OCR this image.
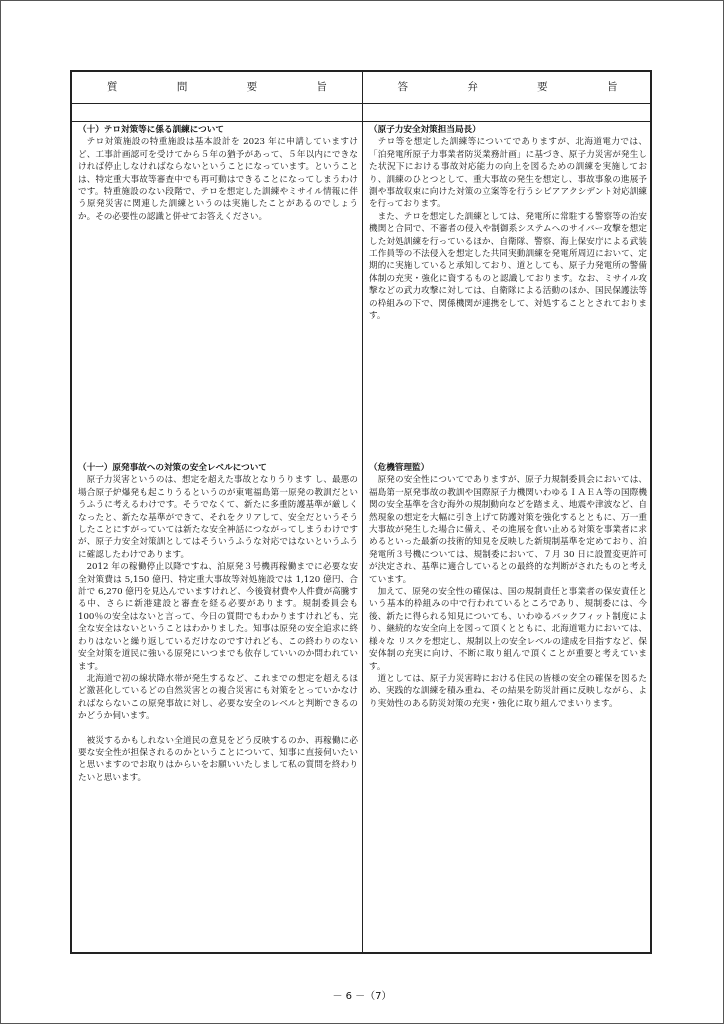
質 問 要 旨	答 弁 要 旨

（十）テロ対策等に係る訓練について

テロ対策施設の特重施設は基本設計を 2023 年に申請していますけど、工事計画認可を受けてから５年の猶予があって、５年以内にできなければ停止しなければならないということになっています。ということは、特定重大事故等審査中でも再可動はできることになってしまうわけです。特重施設のない段階で、テロを想定した訓練やミサイル情報に伴う原発災害に関連した訓練というのは実施したことがあるのでしょうか。その必要性の認識と併せてお答えください。

（十一）原発事故への対策の安全レベルについて

原子力災害というのは、想定を超えた事故となりうります し、最悪の場合原子炉爆発も起こりうるというのが東電福島第一原発の教訓だというふうに考えるわけです。そうでなくて、新たに多重防護基準が厳しくなったと、新たな基準ができて、それをクリアして、安全だというそうしたことにすがっていては新たな安全神話につながってしまうわけですが、原子力安全対策訓としてはそういうふうな対応ではないというふうに確認したわけであります。

2012 年の稼働停止以降ですね、泊原発３号機再稼働までに必要な安全対策費は 5,150 億円、特定重大事故等対処施設では 1,120 億円、合計で 6,270 億円を見込んでいますけれど、今後資材費や人件費が高騰する中、さらに新港建設と審査を経る必要があります。規制委員会も 100％の安全はないと言って、今日の質問でもわかりますけれども、完全な安全はないということはわかりました。知事は原発の安全追求に終わりはないと繰り返しているだけなのですけれども、この終わりのない安全対策を道民に強いる原発にいつまでも依存していいのか問われています。

北海道で初の線状降水帯が発生するなど、これまでの想定を超えるほど激甚化しているどの自然災害との複合災害にも対策をとっていかなければならないこの原発事故に対し、必要な安全のレベルと判断できるのかどうか伺います。

被災するかもしれない全道民の意見をどう反映するのか、再稼働に必要な安全性が担保されるのかということについて、知事に直接伺いたいと思いますのでお取りはからいをお願いいたしまして私の質問を終わりたいと思います。

（原子力安全対策担当局長）

テロ等を想定した訓練等についてでありますが、北海道電力では、「泊発電所原子力事業者防災業務計画」に基づき、原子力災害が発生した状況下における事故対応能力の向上を図るための訓練を実施しており、訓練のひとつとして、重大事故の発生を想定し、事故事象の進展予測や事故収束に向けた対策の立案等を行うシビアアクシデント対応訓練を行っております。

また、テロを想定した訓練としては、発電所に常駐する警察等の治安機関と合同で、不審者の侵入や制御系システムへのサイバー攻撃を想定した対処訓練を行っているほか、自衛隊、警察、海上保安庁による武装工作員等の不法侵入を想定した共同実動訓練を発電所周辺において、定期的に実施していると承知しており、道としても、原子力発電所の警備体制の充実・強化に資するものと認識しております。なお、ミサイル攻撃などの武力攻撃に対しては、自衛隊による活動のほか、国民保護法等の枠組みの下で、関係機関が連携をして、対処することとされております。

（危機管理監）

原発の安全性についてでありますが、原子力規制委員会においては、福島第一原発事故の教訓や国際原子力機関いわゆるＩＡＥＡ等の国際機関の安全基準を含む海外の規制動向などを踏まえ、地震や津波など、自然現象の想定を大幅に引き上げて防護対策を強化するとともに、万一重大事故が発生した場合に備え、その進展を食い止める対策を事業者に求めるといった最新の技術的知見を反映した新規制基準を定めており、泊発電所３号機については、規制委において、７月 30 日に設置変更許可が決定され、基準に適合しているとの最終的な判断がされたものと考えています。

加えて、原発の安全性の確保は、国の規制責任と事業者の保安責任という基本的枠組みの中で行われているところであり、規制委には、今後、新たに得られる知見についても、いわゆるバックフィット制度により、継続的な安全向上を図って頂くとともに、北海道電力においては、様々な リスクを想定し、規制以上の安全レベルの達成を目指すなど、保安体制の充実に向け、不断に取り組んで頂くことが重要と考えています。

道としては、原子力災害時における住民の皆様の安全の確保を図るため、実践的な訓練を積み重ね、その結果を防災計画に反映しながら、より実効性のある防災対策の充実・強化に取り組んでまいります。

－ 6 －（7）
